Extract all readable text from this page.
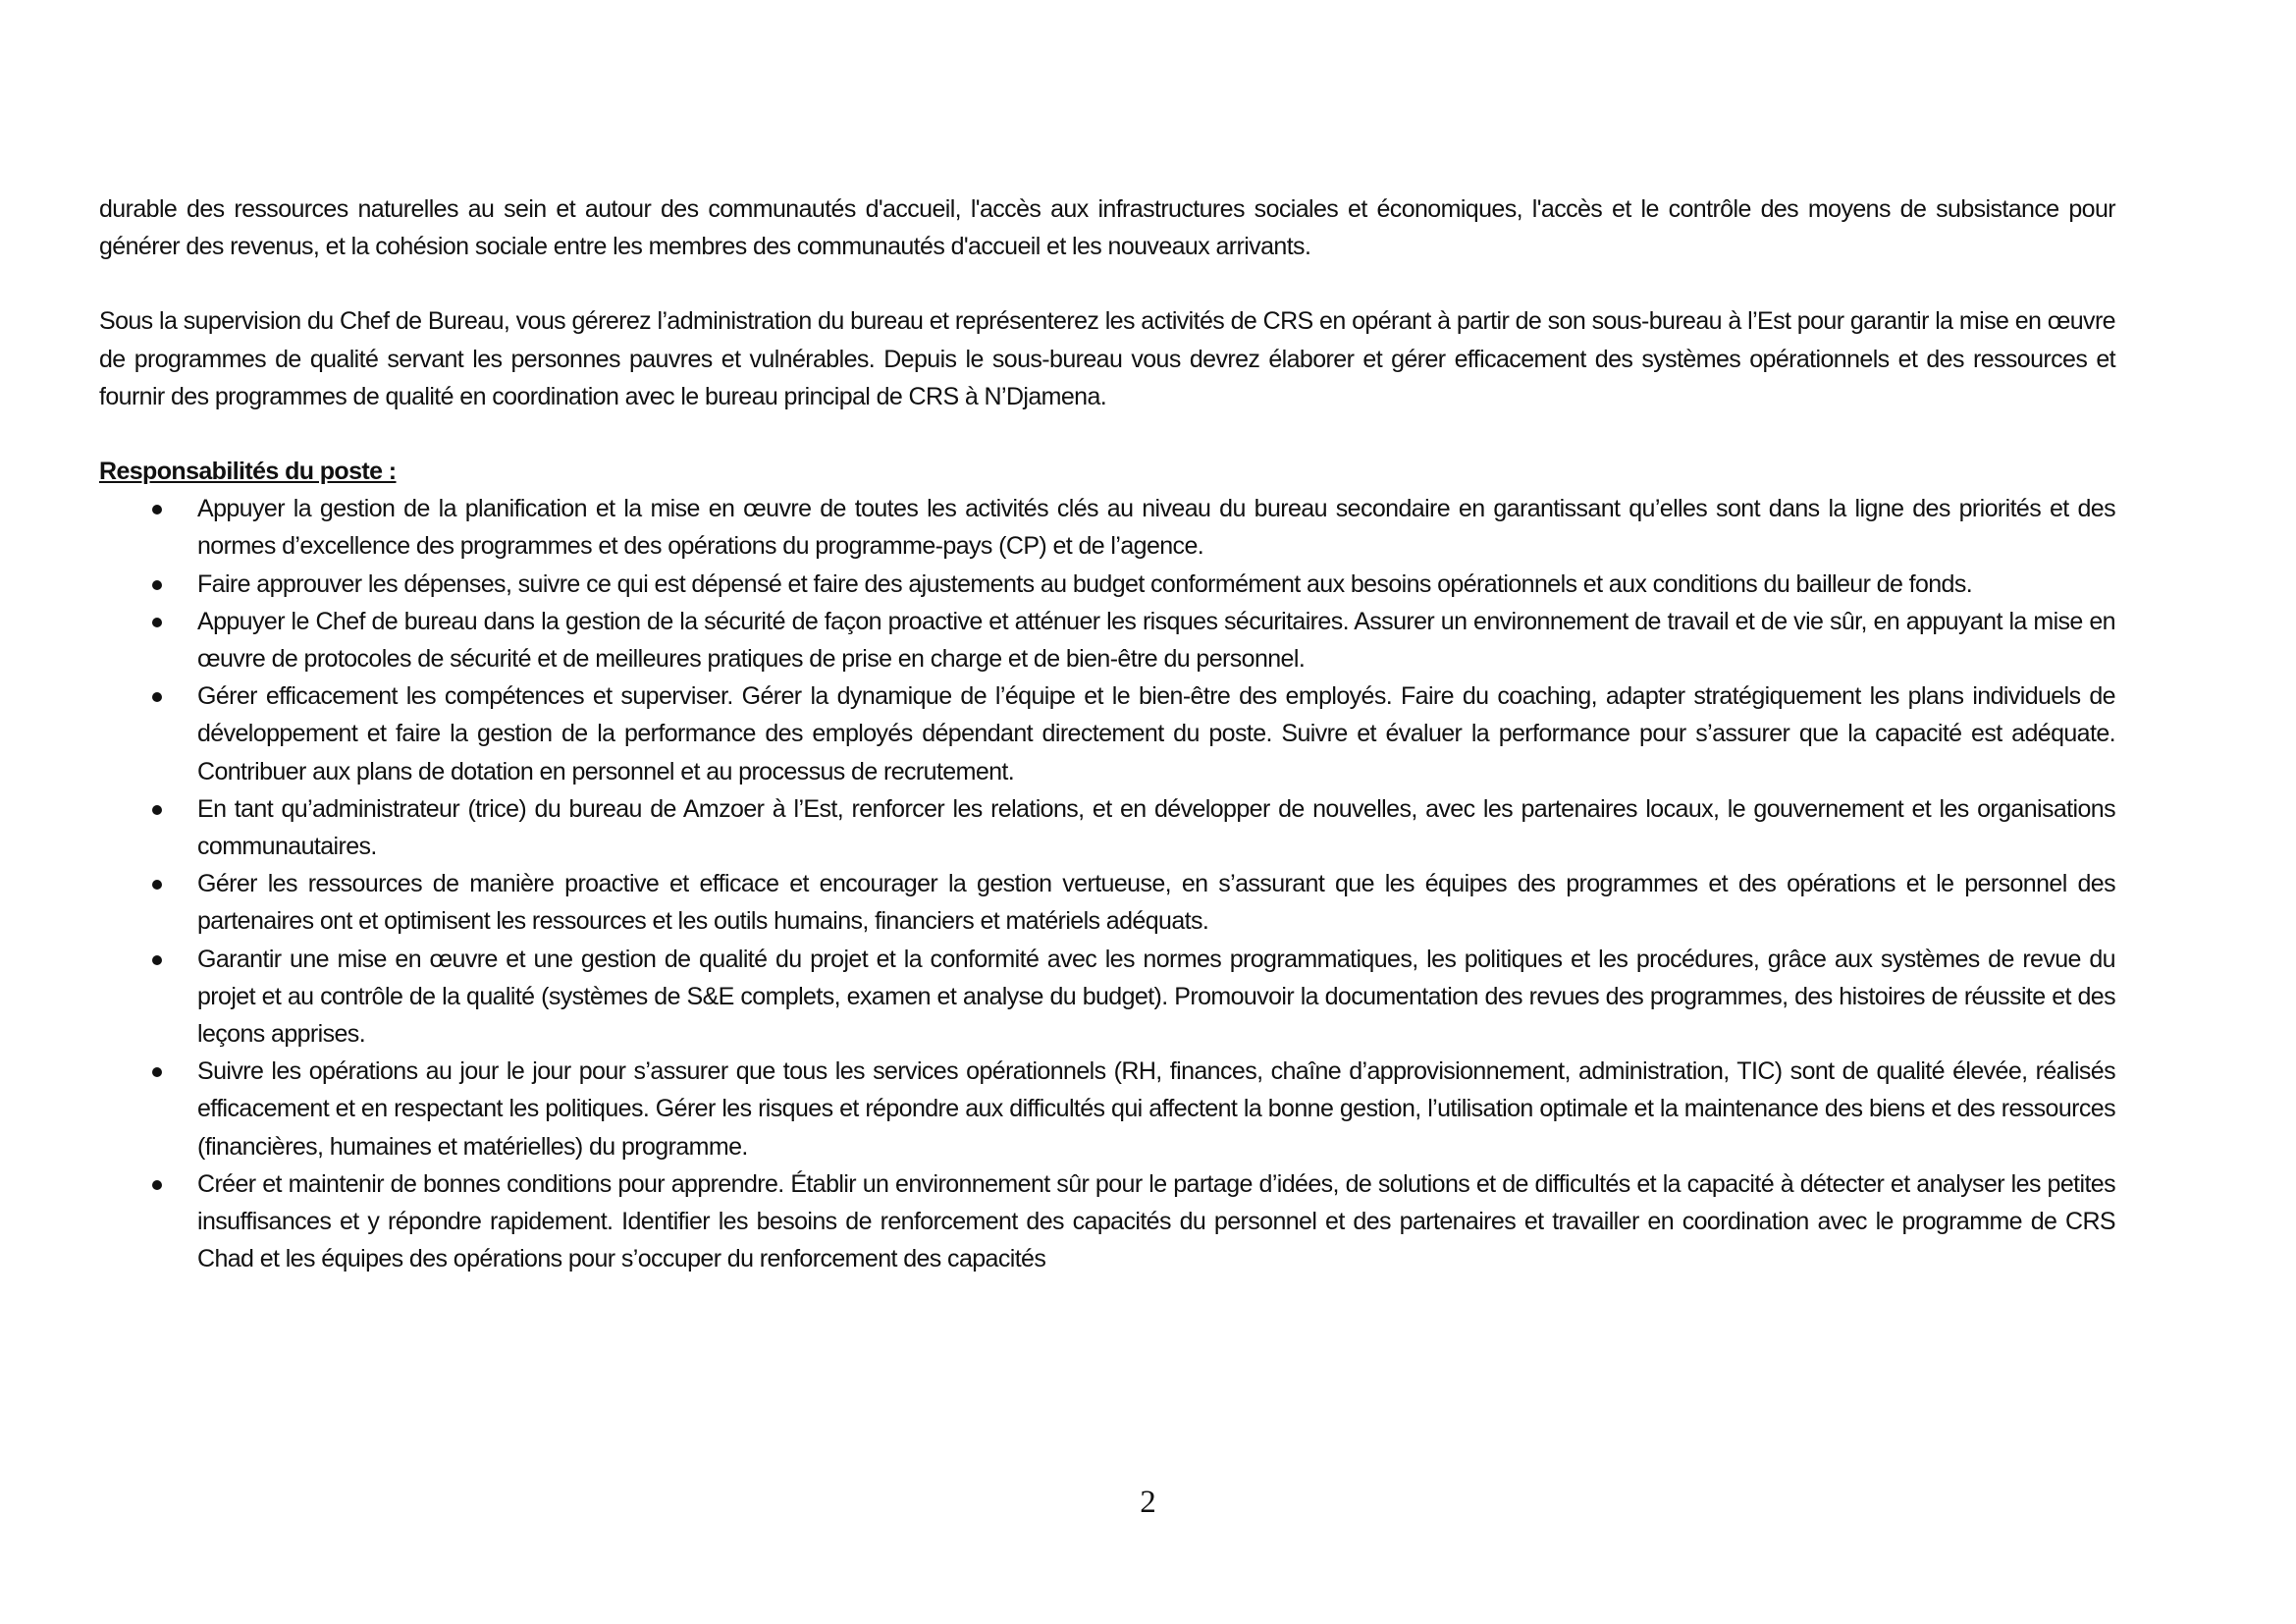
durable des ressources naturelles au sein et autour des communautés d'accueil, l'accès aux infrastructures sociales et économiques, l'accès et le contrôle des moyens de subsistance pour générer des revenus, et la cohésion sociale entre les membres des communautés d'accueil et les nouveaux arrivants.

Sous la supervision du Chef de Bureau, vous gérerez l’administration du bureau et représenterez les activités de CRS en opérant à partir de son sous-bureau à l’Est pour garantir la mise en œuvre de programmes de qualité servant les personnes pauvres et vulnérables. Depuis le sous-bureau vous devrez élaborer et gérer efficacement des systèmes opérationnels et des ressources et fournir des programmes de qualité en coordination avec le bureau principal de CRS à N’Djamena.

Responsabilités du poste :

Appuyer la gestion de la planification et la mise en œuvre de toutes les activités clés au niveau du bureau secondaire en garantissant qu’elles sont dans la ligne des priorités et des normes d’excellence des programmes et des opérations du programme-pays (CP) et de l’agence.
Faire approuver les dépenses, suivre ce qui est dépensé et faire des ajustements au budget conformément aux besoins opérationnels et aux conditions du bailleur de fonds.
Appuyer le Chef de bureau dans la gestion de la sécurité de façon proactive et atténuer les risques sécuritaires. Assurer un environnement de travail et de vie sûr, en appuyant la mise en œuvre de protocoles de sécurité et de meilleures pratiques de prise en charge et de bien-être du personnel.
Gérer efficacement les compétences et superviser. Gérer la dynamique de l’équipe et le bien-être des employés. Faire du coaching, adapter stratégiquement les plans individuels de développement et faire la gestion de la performance des employés dépendant directement du poste. Suivre et évaluer la performance pour s’assurer que la capacité est adéquate. Contribuer aux plans de dotation en personnel et au processus de recrutement.
En tant qu’administrateur (trice) du bureau de Amzoer à l’Est, renforcer les relations, et en développer de nouvelles, avec les partenaires locaux, le gouvernement et les organisations communautaires.
Gérer les ressources de manière proactive et efficace et encourager la gestion vertueuse, en s’assurant que les équipes des programmes et des opérations et le personnel des partenaires ont et optimisent les ressources et les outils humains, financiers et matériels adéquats.
Garantir une mise en œuvre et une gestion de qualité du projet et la conformité avec les normes programmatiques, les politiques et les procédures, grâce aux systèmes de revue du projet et au contrôle de la qualité (systèmes de S&E complets, examen et analyse du budget). Promouvoir la documentation des revues des programmes, des histoires de réussite et des leçons apprises.
Suivre les opérations au jour le jour pour s’assurer que tous les services opérationnels (RH, finances, chaîne d’approvisionnement, administration, TIC) sont de qualité élevée, réalisés efficacement et en respectant les politiques. Gérer les risques et répondre aux difficultés qui affectent la bonne gestion, l’utilisation optimale et la maintenance des biens et des ressources (financières, humaines et matérielles) du programme.
Créer et maintenir de bonnes conditions pour apprendre. Établir un environnement sûr pour le partage d’idées, de solutions et de difficultés et la capacité à détecter et analyser les petites insuffisances et y répondre rapidement. Identifier les besoins de renforcement des capacités du personnel et des partenaires et travailler en coordination avec le programme de CRS Chad et les équipes des opérations pour s’occuper du renforcement des capacités
2
